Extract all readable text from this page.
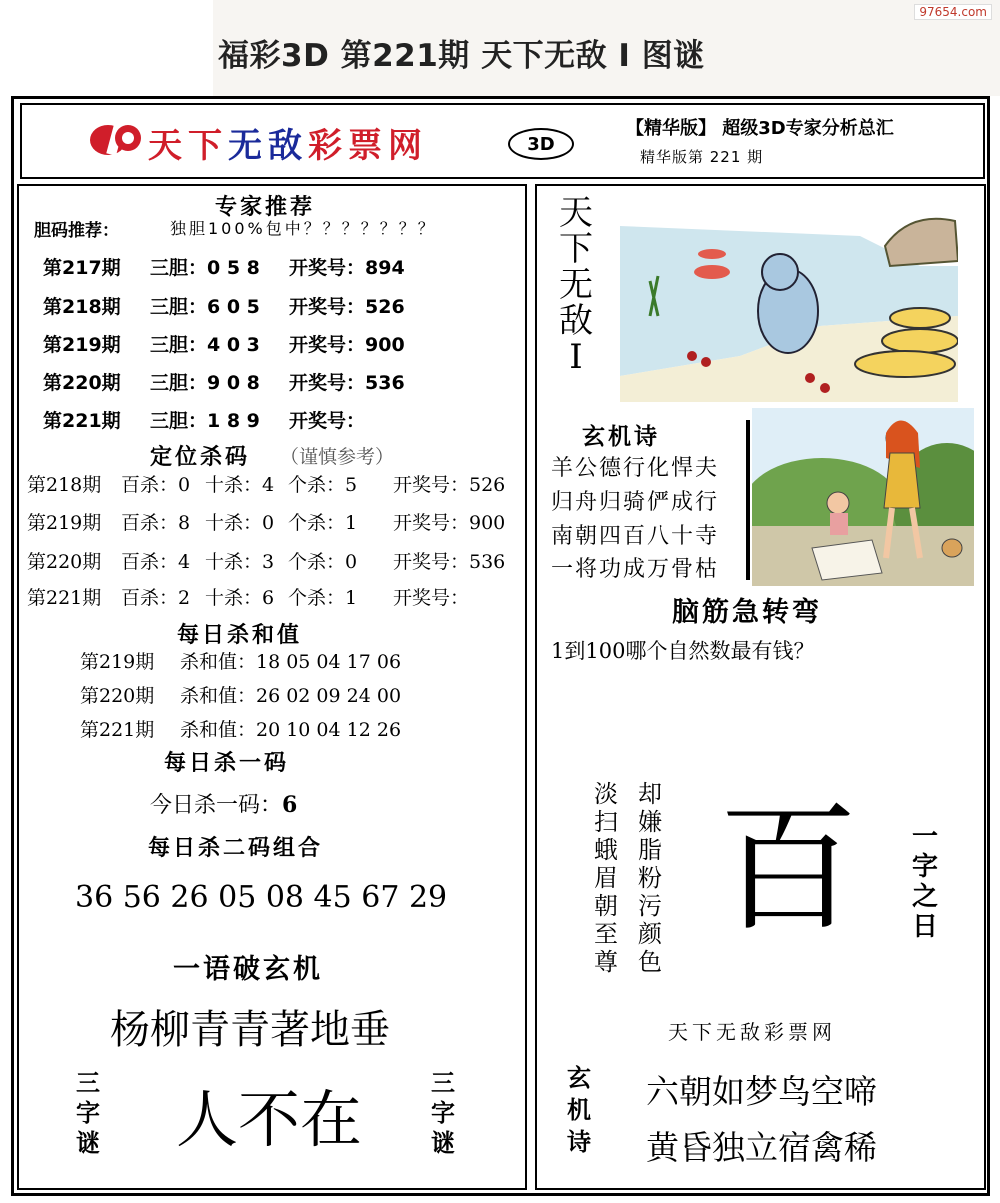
97654.com
福彩3D 第221期 天下无敌 I 图谜
天下无敌彩票网	3D
【精华版】 超级3D专家分析总汇
精华版第 221 期
专家推荐
胆码推荐：	独胆100%包中？？？？？？？
第217期 三胆：0 5 8 开奖号：894
第218期 三胆：6 0 5 开奖号：526
第219期 三胆：4 0 3 开奖号：900
第220期 三胆：9 0 8 开奖号：536
第221期 三胆：1 8 9 开奖号：
定位杀码 （谨慎参考）
第218期 百杀：0 十杀：4 个杀：5 开奖号：526
第219期 百杀：8 十杀：0 个杀：1 开奖号：900
第220期 百杀：4 十杀：3 个杀：0 开奖号：536
第221期 百杀：2 十杀：6 个杀：1 开奖号：
每日杀和值
第219期 杀和值：18 05 04 17 06
第220期 杀和值：26 02 09 24 00
第221期 杀和值：20 10 04 12 26
每日杀一码
今日杀一码：6
每日杀二码组合
36 56 26 05 08 45 67 29
一语破玄机
杨柳青青著地垂
三
字
谜 人不在	三
字
谜
天
下
无
敌
I
玄机诗
羊公德行化悍夫
归舟归骑俨成行
南朝四百八十寺
一将功成万骨枯
脑筋急转弯
1到100哪个自然数最有钱？
淡
扫
蛾
眉
朝
至
尊
却
嫌
脂
粉
污
颜
色
百 一
字
之
日
天下无敌彩票网
玄
机
诗
六朝如梦鸟空啼
黄昏独立宿禽稀
